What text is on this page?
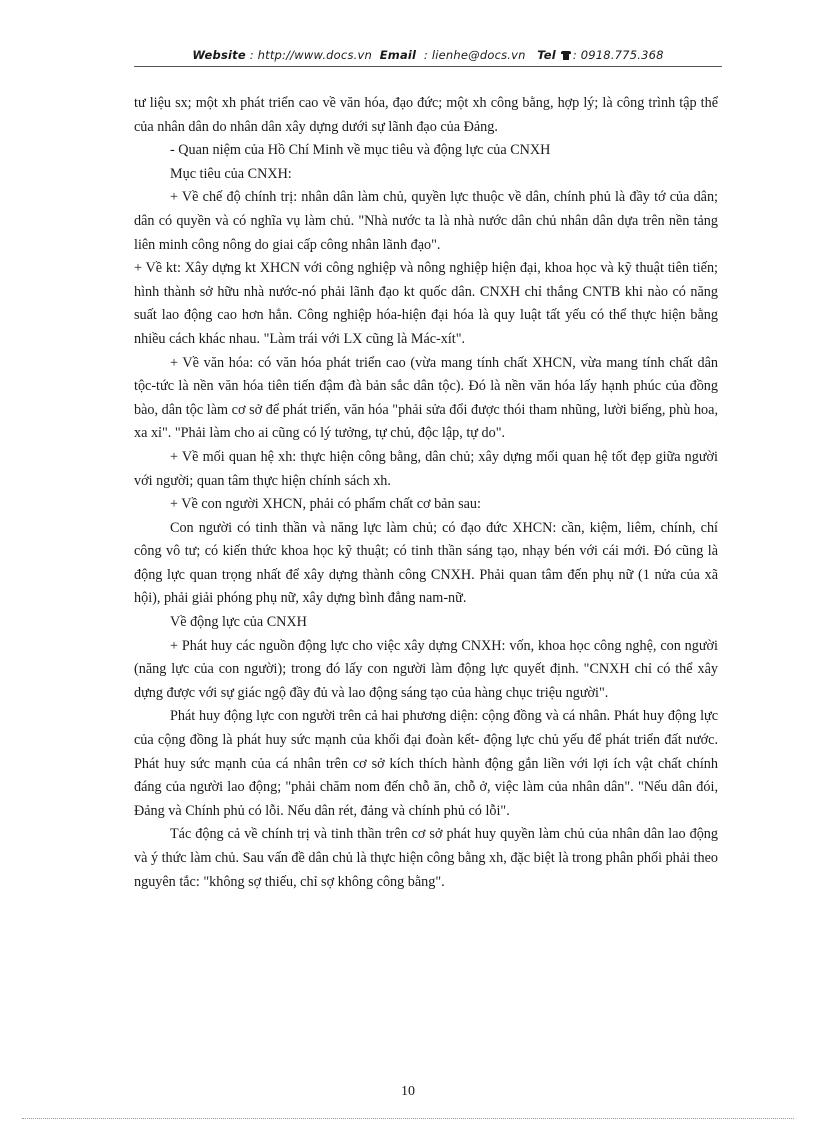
Website : http://www.docs.vn Email : lienhe@docs.vn Tel : 0918.775.368

tư liệu sx; một xh phát triển cao về văn hóa, đạo đức; một xh công bằng, hợp lý; là công trình tập thể của nhân dân do nhân dân xây dựng dưới sự lãnh đạo của Đảng.

- Quan niệm của Hồ Chí Minh về mục tiêu và động lực của CNXH

Mục tiêu của CNXH:

+ Về chế độ chính trị: nhân dân làm chủ, quyền lực thuộc về dân, chính phủ là đầy tớ của dân; dân có quyền và có nghĩa vụ làm chủ. "Nhà nước ta là nhà nước dân chủ nhân dân dựa trên nền tảng liên minh công nông do giai cấp công nhân lãnh đạo".

+ Về kt: Xây dựng kt XHCN với công nghiệp và nông nghiệp hiện đại, khoa học và kỹ thuật tiên tiến; hình thành sở hữu nhà nước-nó phải lãnh đạo kt quốc dân. CNXH chỉ thắng CNTB khi nào có năng suất lao động cao hơn hẳn. Công nghiệp hóa-hiện đại hóa là quy luật tất yếu có thể thực hiện bằng nhiều cách khác nhau. "Làm trái với LX cũng là Mác-xít".

+ Về văn hóa: có văn hóa phát triển cao (vừa mang tính chất XHCN, vừa mang tính chất dân tộc-tức là nền văn hóa tiên tiến đậm đà bản sắc dân tộc). Đó là nền văn hóa lấy hạnh phúc của đồng bào, dân tộc làm cơ sở để phát triển, văn hóa "phải sửa đổi được thói tham nhũng, lười biếng, phù hoa, xa xỉ". "Phải làm cho ai cũng có lý tưởng, tự chủ, độc lập, tự do".

+ Về mối quan hệ xh: thực hiện công bằng, dân chủ; xây dựng mối quan hệ tốt đẹp giữa người với người; quan tâm thực hiện chính sách xh.

+ Về con người XHCN, phải có phẩm chất cơ bản sau:

Con người có tinh thần và năng lực làm chủ; có đạo đức XHCN: cần, kiệm, liêm, chính, chí công vô tư; có kiến thức khoa học kỹ thuật; có tinh thần sáng tạo, nhạy bén với cái mới. Đó cũng là động lực quan trọng nhất để xây dựng thành công CNXH. Phải quan tâm đến phụ nữ (1 nửa của xã hội), phải giải phóng phụ nữ, xây dựng bình đẳng nam-nữ.

Về động lực của CNXH

+ Phát huy các nguồn động lực cho việc xây dựng CNXH: vốn, khoa học công nghệ, con người (năng lực của con người); trong đó lấy con người làm động lực quyết định. "CNXH chỉ có thể xây dựng được với sự giác ngộ đầy đủ và lao động sáng tạo của hàng chục triệu người".

Phát huy động lực con người trên cả hai phương diện: cộng đồng và cá nhân. Phát huy động lực của cộng đồng là phát huy sức mạnh của khối đại đoàn kết- động lực chủ yếu để phát triển đất nước. Phát huy sức mạnh của cá nhân trên cơ sở kích thích hành động gắn liền với lợi ích vật chất chính đáng của người lao động; "phải chăm nom đến chỗ ăn, chỗ ở, việc làm của nhân dân". "Nếu dân đói, Đảng và Chính phủ có lỗi. Nếu dân rét, đảng và chính phủ có lỗi".

Tác động cả về chính trị và tinh thần trên cơ sở phát huy quyền làm chủ của nhân dân lao động và ý thức làm chủ. Sau vấn đề dân chủ là thực hiện công bằng xh, đặc biệt là trong phân phối phải theo nguyên tắc: "không sợ thiếu, chỉ sợ không công bằng".

10
